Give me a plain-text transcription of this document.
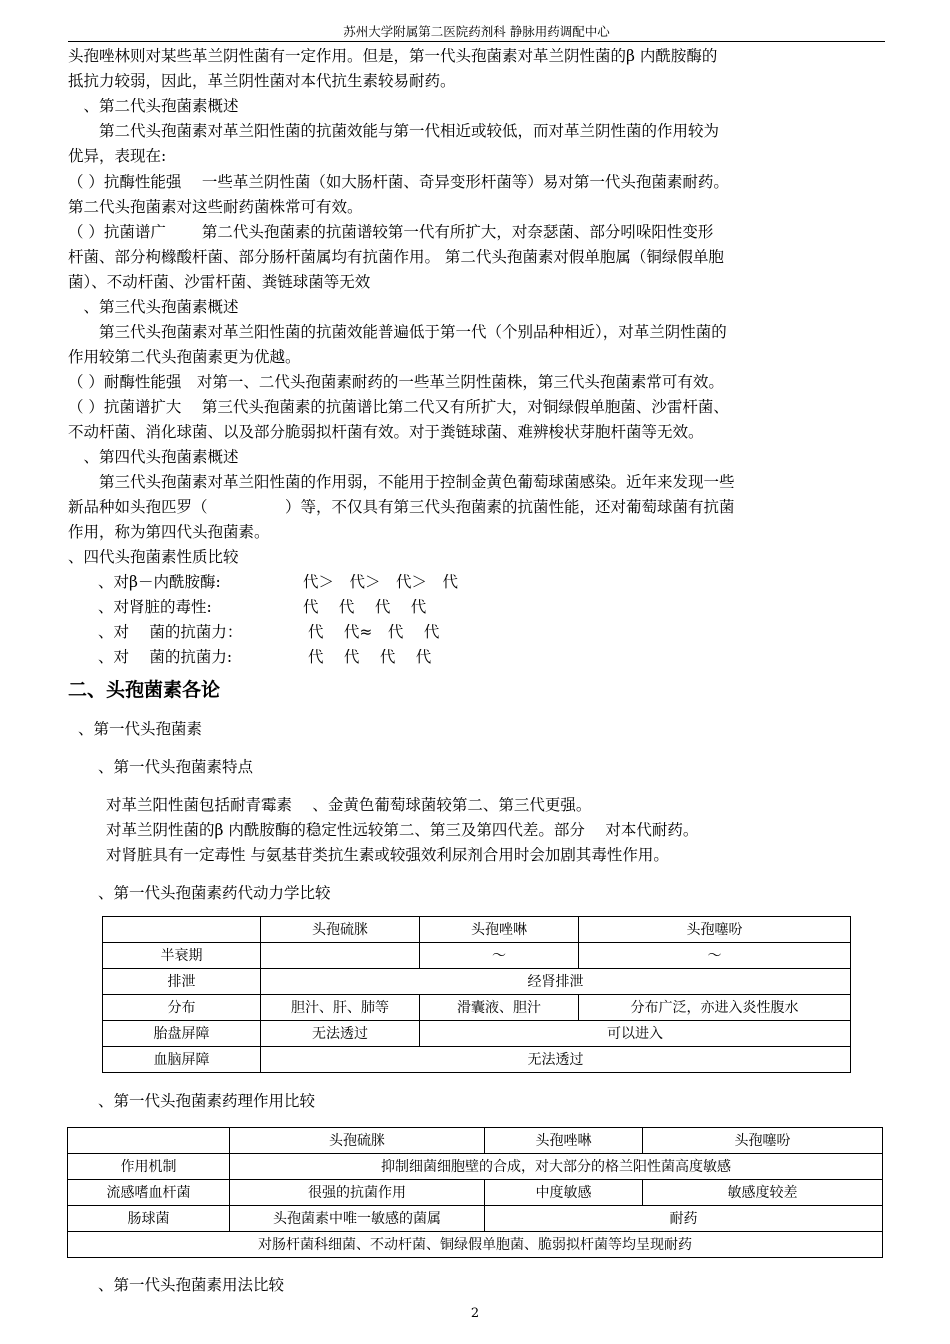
苏州大学附属第二医院药剂科 静脉用药调配中心
头孢唑林则对某些革兰阴性菌有一定作用。但是，第一代头孢菌素对革兰阴性菌的β 内酰胺酶的
抵抗力较弱，因此，革兰阴性菌对本代抗生素较易耐药。
　、第二代头孢菌素概述
　　第二代头孢菌素对革兰阳性菌的抗菌效能与第一代相近或较低，而对革兰阴性菌的作用较为
优异，表现在:
（ ）抗酶性能强　 一些革兰阴性菌（如大肠杆菌、奇异变形杆菌等）易对第一代头孢菌素耐药。
第二代头孢菌素对这些耐药菌株常可有效。
（ ）抗菌谱广　　 第二代头孢菌素的抗菌谱较第一代有所扩大，对奈瑟菌、部分吲哚阳性变形
杆菌、部分枸橼酸杆菌、部分肠杆菌属均有抗菌作用。 第二代头孢菌素对假单胞属（铜绿假单胞
菌）、不动杆菌、沙雷杆菌、粪链球菌等无效
　、第三代头孢菌素概述
　　第三代头孢菌素对革兰阳性菌的抗菌效能普遍低于第一代（个别品种相近），对革兰阴性菌的
作用较第二代头孢菌素更为优越。
（ ）耐酶性能强　对第一、二代头孢菌素耐药的一些革兰阴性菌株，第三代头孢菌素常可有效。
（ ）抗菌谱扩大　 第三代头孢菌素的抗菌谱比第二代又有所扩大，对铜绿假单胞菌、沙雷杆菌、
不动杆菌、消化球菌、以及部分脆弱拟杆菌有效。对于粪链球菌、难辨梭状芽胞杆菌等无效。
　、第四代头孢菌素概述
　　第三代头孢菌素对革兰阳性菌的作用弱，不能用于控制金黄色葡萄球菌感染。近年来发现一些
新品种如头孢匹罗（　　　　　）等，不仅具有第三代头孢菌素的抗菌性能，还对葡萄球菌有抗菌
作用，称为第四代头孢菌素。
、四代头孢菌素性质比较
、对β－内酰胺酶:	代＞　代＞　代＞　代
、对肾脏的毒性:	代　 代　 代　 代
、对　 菌的抗菌力：	代　 代≈　代　 代
、对　 菌的抗菌力:	代　 代　 代　 代
二、头孢菌素各论
、第一代头孢菌素
、第一代头孢菌素特点
对革兰阳性菌包括耐青霉素　 、金黄色葡萄球菌较第二、第三代更强。
对革兰阴性菌的β 内酰胺酶的稳定性远较第二、第三及第四代差。部分　 对本代耐药。
对肾脏具有一定毒性 与氨基苷类抗生素或较强效利尿剂合用时会加剧其毒性作用。
、第一代头孢菌素药代动力学比较
	头孢硫脒	头孢唑啉	头孢噻吩
半衰期		～	～
排泄	经肾排泄		
分布	胆汁、肝、肺等	滑囊液、胆汁	分布广泛，亦进入炎性腹水
胎盘屏障	无法透过	可以进入	
血脑屏障	无法透过		
、第一代头孢菌素药理作用比较
	头孢硫脒	头孢唑啉	头孢噻吩
作用机制	抑制细菌细胞壁的合成，对大部分的格兰阳性菌高度敏感		
流感嗜血杆菌	很强的抗菌作用	中度敏感	敏感度较差
肠球菌	头孢菌素中唯一敏感的菌属	耐药	
对肠杆菌科细菌、不动杆菌、铜绿假单胞菌、脆弱拟杆菌等均呈现耐药			
、第一代头孢菌素用法比较
2
